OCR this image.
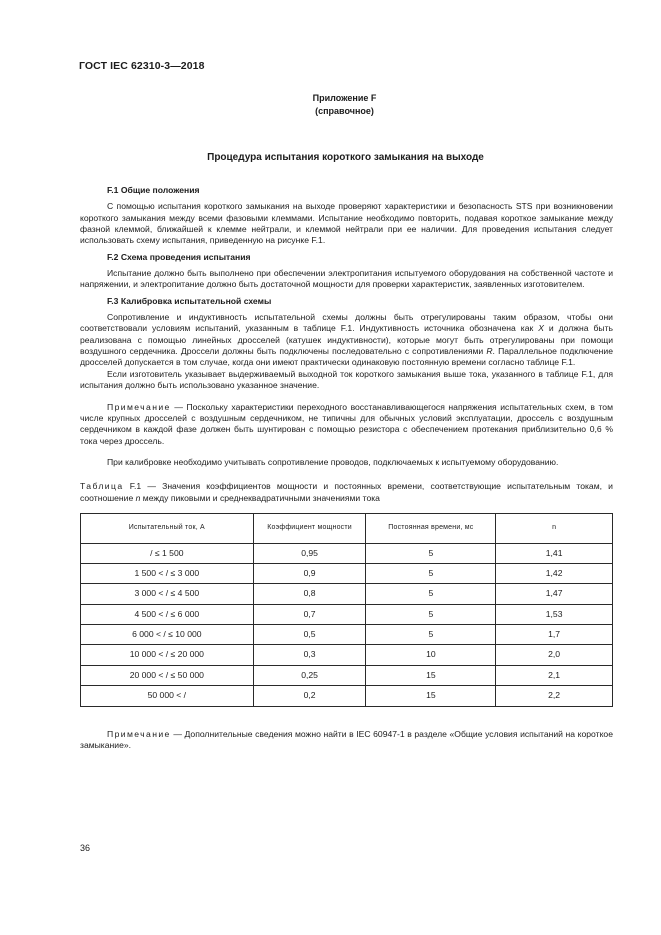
ГОСТ IEC 62310-3—2018
Приложение F
(справочное)
Процедура испытания короткого замыкания на выходе

F.1 Общие положения

С помощью испытания короткого замыкания на выходе проверяют характеристики и безопасность STS при возникновении короткого замыкания между всеми фазовыми клеммами. Испытание необходимо повторить, подавая короткое замыкание между фазной клеммой, ближайшей к клемме нейтрали, и клеммой нейтрали при ее наличии. Для проведения испытания следует использовать схему испытания, приведенную на рисунке F.1.

F.2 Схема проведения испытания

Испытание должно быть выполнено при обеспечении электропитания испытуемого оборудования на собственной частоте и напряжении, и электропитание должно быть достаточной мощности для проверки характеристик, заявленных изготовителем.

F.3 Калибровка испытательной схемы

Сопротивление и индуктивность испытательной схемы должны быть отрегулированы таким образом, чтобы они соответствовали условиям испытаний, указанным в таблице F.1. Индуктивность источника обозначена как X и должна быть реализована с помощью линейных дросселей (катушек индуктивности), которые могут быть отрегулированы при помощи воздушного сердечника. Дроссели должны быть подключены последовательно с сопротивлениями R. Параллельное подключение дросселей допускается в том случае, когда они имеют практически одинаковую постоянную времени согласно таблице F.1.

Если изготовитель указывает выдерживаемый выходной ток короткого замыкания выше тока, указанного в таблице F.1, для испытания должно быть использовано указанное значение.

Примечание — Поскольку характеристики переходного восстанавливающегося напряжения испытательных схем, в том числе крупных дросселей с воздушным сердечником, не типичны для обычных условий эксплуатации, дроссель с воздушным сердечником в каждой фазе должен быть шунтирован с помощью резистора с обеспечением протекания приблизительно 0,6 % тока через дроссель.

При калибровке необходимо учитывать сопротивление проводов, подключаемых к испытуемому оборудованию.

Таблица F.1 — Значения коэффициентов мощности и постоянных времени, соответствующие испытательным токам, и соотношение n между пиковыми и среднеквадратичными значениями тока

Испытательный ток, А	Коэффициент мощности	Постоянная времени, мс	n
/ ≤ 1 500	0,95	5	1,41
1 500 < / ≤ 3 000	0,9	5	1,42
3 000 < / ≤ 4 500	0,8	5	1,47
4 500 < / ≤ 6 000	0,7	5	1,53
6 000 < / ≤ 10 000	0,5	5	1,7
10 000 < / ≤ 20 000	0,3	10	2,0
20 000 < / ≤ 50 000	0,25	15	2,1
50 000 < /	0,2	15	2,2

Примечание — Дополнительные сведения можно найти в IEC 60947-1 в разделе «Общие условия испытаний на короткое замыкание».

36
